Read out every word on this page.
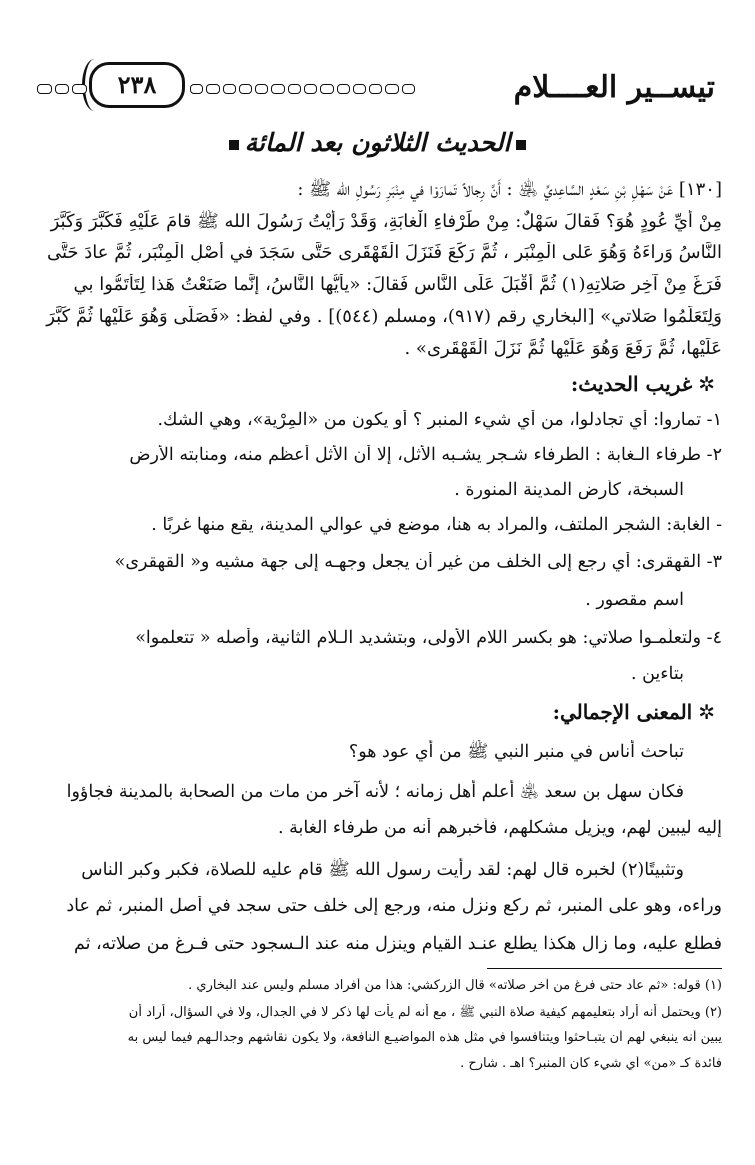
تيســير العــــلام
٢٣٨
الحديث الثلاثون بعد المائة
[١٣٠] عَنْ سَهْلِ بْنِ سَعْدٍ السَّاعِديِّ ﵁ : أَنَّ رِجالاً تَمارَوْا في مِنْبَرِ رَسُولِ الله ﷺ :
مِنْ أَيِّ عُودٍ هُوَ؟ فَقالَ سَهْلٌ: مِنْ طَرْفاءِ الْغابَةِ، وَقَدْ رَأَيْتُ رَسُولَ الله ﷺ قامَ عَلَيْهِ فَكَبَّرَ وَكَبَّرَ
النَّاسُ وَراءَهُ وَهُوَ عَلى الْمِنْبَرِ ، ثُمَّ رَكَعَ فَنَزَلَ الْقَهْقَرى حَتَّى سَجَدَ في أَصْلِ الْمِنْبَرِ، ثُمَّ عادَ حَتَّى
فَرَغَ مِنْ آخِرِ صَلاتِهِ(١) ثُمَّ أَقْبَلَ عَلَى النَّاسِ فَقالَ: «يأَيُّها النَّاسُ، إِنَّما صَنَعْتُ هَذا لِتَأْتَمُّوا بي
وَلِتَعَلَّمُوا صَلاتي» [البخاري رقم (٩١٧)، ومسلم (٥٤٤)] . وفي لفظ: «فَصَلَّى وَهُوَ عَلَيْها ثُمَّ كَبَّرَ
عَلَيْها، ثُمَّ رَفَعَ وَهُوَ عَلَيْها ثُمَّ نَزَلَ الْقَهْقَرى» .
✲غريب الحديث:
١- تماروا: أي تجادلوا، من أي شيء المنبر ؟ أو يكون من «المِرْية»، وهي الشك.
٢- طرفاء الـغابة : الطرفاء شـجر يشـبه الأثل، إلا أن الأثل أعظم منه، ومنابته الأرض
السبخة، كأرض المدينة المنورة .
- الغابة: الشجر الملتف، والمراد به هنا، موضع في عوالي المدينة، يقع منها غربًا .
٣- القهقرى: أي رجع إلى الخلف من غير أن يجعل وجهـه إلى جهة مشيه و« القهقرى»
اسم مقصور .
٤- ولتعلّمـوا صلاتي: هو بكسر اللام الأولى، وبتشديد الـلام الثانية، وأصله « تتعلموا»
بتاءين .
✲المعنى الإجمالي:
تباحث أناس في منبر النبي ﷺ من أي عود هو؟
فكان سهل بن سعد ﵁ أعلم أهل زمانه ؛ لأنه آخر من مات من الصحابة بالمدينة فجاؤوا
إليه ليبين لهم، ويزيل مشكلهم، فأخبرهم أنه من طرفاء الغابة .
وتثبيتًا(٢) لخبره قال لهم: لقد رأيت رسول الله ﷺ قام عليه للصلاة، فكبر وكبر الناس
وراءه، وهو على المنبر، ثم ركع ونزل منه، ورجع إلى خلف حتى سجد في أصل المنبر، ثم عاد
فطلع عليه، وما زال هكذا يطلع عنـد القيام وينزل منه عند الـسجود حتى فـرغ من صلاته، ثم
(١) قوله: «ثم عاد حتى فرغ من آخر صلاته» قال الزركشي: هذا من أفراد مسلم وليس عند البخاري .
(٢) ويحتمل أنه أراد بتعليمهم كيفية صلاة النبي ﷺ ، مع أنه لم يأت لها ذكر لا في الجدال، ولا في السؤال، أراد أن
يبين أنه ينبغي لهم أن يتبـاحثوا ويتنافسوا في مثل هذه المواضيـع النافعة، ولا يكون نقاشهم وجدالـهم فيما ليس به
فائدة كـ «من» أي شيء كان المنبر؟ اهـ . شارح .
